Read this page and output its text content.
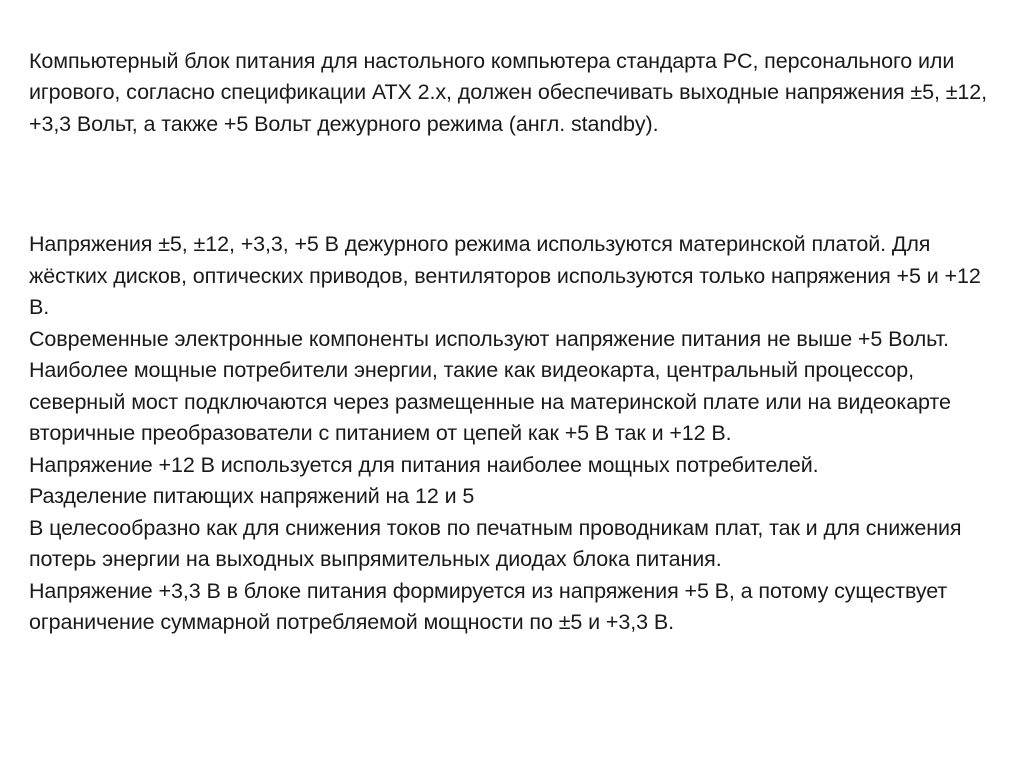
Компьютерный блок питания для настольного компьютера стандарта PC, персонального или игрового, согласно спецификации ATX 2.x, должен обеспечивать выходные напряжения ±5, ±12, +3,3 Вольт, а также +5 Вольт дежурного режима (англ. standby).

Напряжения ±5, ±12, +3,3, +5 В дежурного режима используются материнской платой. Для жёстких дисков, оптических приводов, вентиляторов используются только напряжения +5 и +12 В.

Современные электронные компоненты используют напряжение питания не выше +5 Вольт. Наиболее мощные потребители энергии, такие как видеокарта, центральный процессор, северный мост подключаются через размещенные на материнской плате или на видеокарте вторичные преобразователи с питанием от цепей как +5 В так и +12 В.

Напряжение +12 В используется для питания наиболее мощных потребителей.

Разделение питающих напряжений на 12 и 5

В целесообразно как для снижения токов по печатным проводникам плат, так и для снижения потерь энергии на выходных выпрямительных диодах блока питания.

Напряжение +3,3 В в блоке питания формируется из напряжения +5 В, а потому существует ограничение суммарной потребляемой мощности по ±5 и +3,3 В.
